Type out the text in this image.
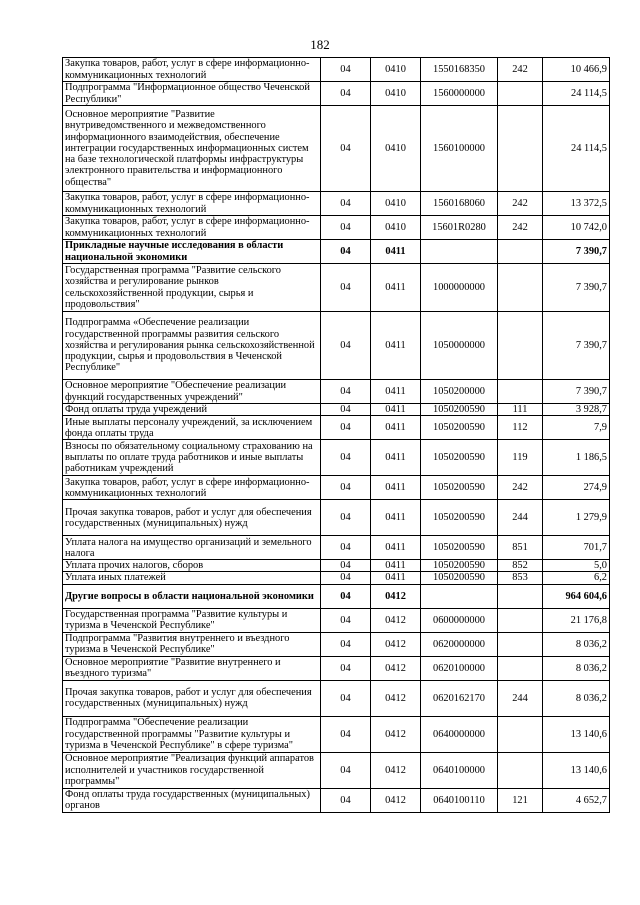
182
Закупка товаров, работ, услуг в сфере информационно-коммуникационных технологий	04	0410	1550168350	242	10 466,9
Подпрограмма "Информационное общество Чеченской Республики"	04	0410	1560000000		24 114,5
Основное мероприятие "Развитие внутриведомственного и межведомственного информационного взаимодействия, обеспечение интеграции государственных информационных систем на базе технологической платформы инфраструктуры электронного правительства и информационного общества"	04	0410	1560100000		24 114,5
Закупка товаров, работ, услуг в сфере информационно-коммуникационных технологий	04	0410	1560168060	242	13 372,5
Закупка товаров, работ, услуг в сфере информационно-коммуникационных технологий	04	0410	15601R0280	242	10 742,0
Прикладные научные исследования в области национальной экономики	04	0411			7 390,7
Государственная программа "Развитие сельского хозяйства и регулирование рынков сельскохозяйственной продукции, сырья и продовольствия"	04	0411	1000000000		7 390,7
Подпрограмма «Обеспечение реализации государственной программы развития сельского хозяйства и регулирования рынка сельскохозяйственной продукции, сырья и продовольствия в Чеченской Республике"	04	0411	1050000000		7 390,7
Основное мероприятие "Обеспечение реализации функций государственных учреждений"	04	0411	1050200000		7 390,7
Фонд оплаты труда учреждений	04	0411	1050200590	111	3 928,7
Иные выплаты персоналу учреждений, за исключением фонда оплаты труда	04	0411	1050200590	112	7,9
Взносы по обязательному социальному страхованию на выплаты по оплате труда работников и иные выплаты работникам учреждений	04	0411	1050200590	119	1 186,5
Закупка товаров, работ, услуг в сфере информационно-коммуникационных технологий	04	0411	1050200590	242	274,9
Прочая закупка товаров, работ и услуг для обеспечения государственных (муниципальных) нужд	04	0411	1050200590	244	1 279,9
Уплата налога на имущество организаций и земельного налога	04	0411	1050200590	851	701,7
Уплата прочих налогов, сборов	04	0411	1050200590	852	5,0
Уплата иных платежей	04	0411	1050200590	853	6,2
Другие вопросы в области национальной экономики	04	0412			964 604,6
Государственная программа "Развитие культуры и туризма в Чеченской Республике"	04	0412	0600000000		21 176,8
Подпрограмма "Развития внутреннего и въездного туризма в Чеченской Республике"	04	0412	0620000000		8 036,2
Основное мероприятие "Развитие внутреннего и въездного туризма"	04	0412	0620100000		8 036,2
Прочая закупка товаров, работ и услуг для обеспечения государственных (муниципальных) нужд	04	0412	0620162170	244	8 036,2
Подпрограмма "Обеспечение реализации государственной программы "Развитие культуры и туризма в Чеченской Республике" в сфере туризма"	04	0412	0640000000		13 140,6
Основное мероприятие "Реализация функций аппаратов исполнителей и участников государственной программы"	04	0412	0640100000		13 140,6
Фонд оплаты труда государственных (муниципальных) органов	04	0412	0640100110	121	4 652,7
